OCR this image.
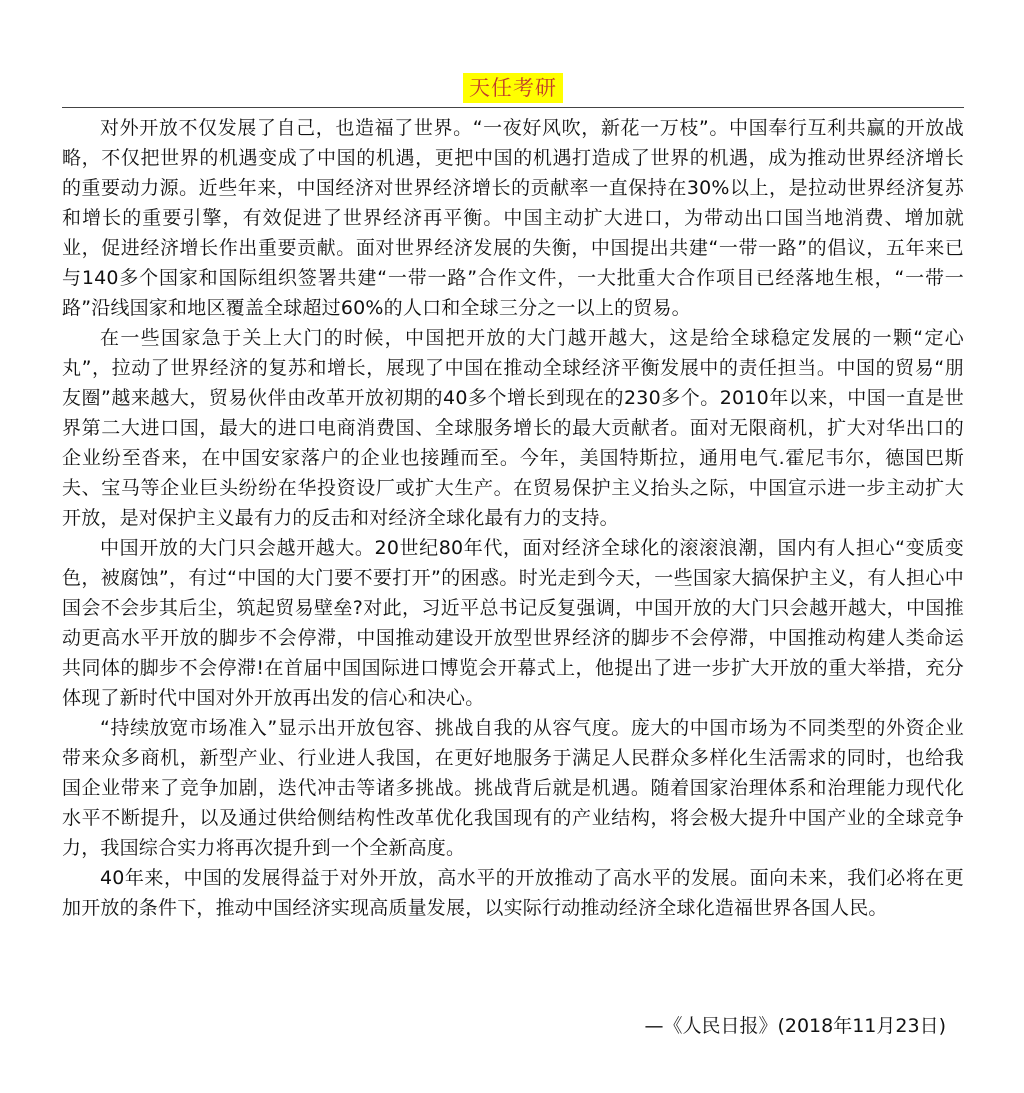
天任考研

对外开放不仅发展了自己，也造福了世界。“一夜好风吹，新花一万枝”。中国奉行互利共赢的开放战略，不仅把世界的机遇变成了中国的机遇，更把中国的机遇打造成了世界的机遇，成为推动世界经济增长的重要动力源。近些年来，中国经济对世界经济增长的贡献率一直保持在30%以上，是拉动世界经济复苏和增长的重要引擎，有效促进了世界经济再平衡。中国主动扩大进口，为带动出口国当地消费、增加就业，促进经济增长作出重要贡献。面对世界经济发展的失衡，中国提出共建“一带一路”的倡议，五年来已与140多个国家和国际组织签署共建“一带一路”合作文件，一大批重大合作项目已经落地生根，“一带一路”沿线国家和地区覆盖全球超过60%的人口和全球三分之一以上的贸易。

在一些国家急于关上大门的时候，中国把开放的大门越开越大，这是给全球稳定发展的一颗“定心丸”，拉动了世界经济的复苏和增长，展现了中国在推动全球经济平衡发展中的责任担当。中国的贸易“朋友圈”越来越大，贸易伙伴由改革开放初期的40多个增长到现在的230多个。2010年以来，中国一直是世界第二大进口国，最大的进口电商消费国、全球服务增长的最大贡献者。面对无限商机，扩大对华出口的企业纷至沓来，在中国安家落户的企业也接踵而至。今年，美国特斯拉，通用电气.霍尼韦尔，德国巴斯夫、宝马等企业巨头纷纷在华投资设厂或扩大生产。在贸易保护主义抬头之际，中国宣示进一步主动扩大开放，是对保护主义最有力的反击和对经济全球化最有力的支持。

中国开放的大门只会越开越大。20世纪80年代，面对经济全球化的滚滚浪潮，国内有人担心“变质变色，被腐蚀”，有过“中国的大门要不要打开”的困惑。时光走到今天，一些国家大搞保护主义，有人担心中国会不会步其后尘，筑起贸易壁垒?对此，习近平总书记反复强调，中国开放的大门只会越开越大，中国推动更高水平开放的脚步不会停滞，中国推动建设开放型世界经济的脚步不会停滞，中国推动构建人类命运共同体的脚步不会停滞!在首届中国国际进口博览会开幕式上，他提出了进一步扩大开放的重大举措，充分体现了新时代中国对外开放再出发的信心和决心。

“持续放宽市场准入”显示出开放包容、挑战自我的从容气度。庞大的中国市场为不同类型的外资企业带来众多商机，新型产业、行业进人我国，在更好地服务于满足人民群众多样化生活需求的同时，也给我国企业带来了竞争加剧，迭代冲击等诸多挑战。挑战背后就是机遇。随着国家治理体系和治理能力现代化水平不断提升，以及通过供给侧结构性改革优化我国现有的产业结构，将会极大提升中国产业的全球竞争力，我国综合实力将再次提升到一个全新高度。

40年来，中国的发展得益于对外开放，高水平的开放推动了高水平的发展。面向未来，我们必将在更加开放的条件下，推动中国经济实现高质量发展，以实际行动推动经济全球化造福世界各国人民。

—《人民日报》(2018年11月23日)
